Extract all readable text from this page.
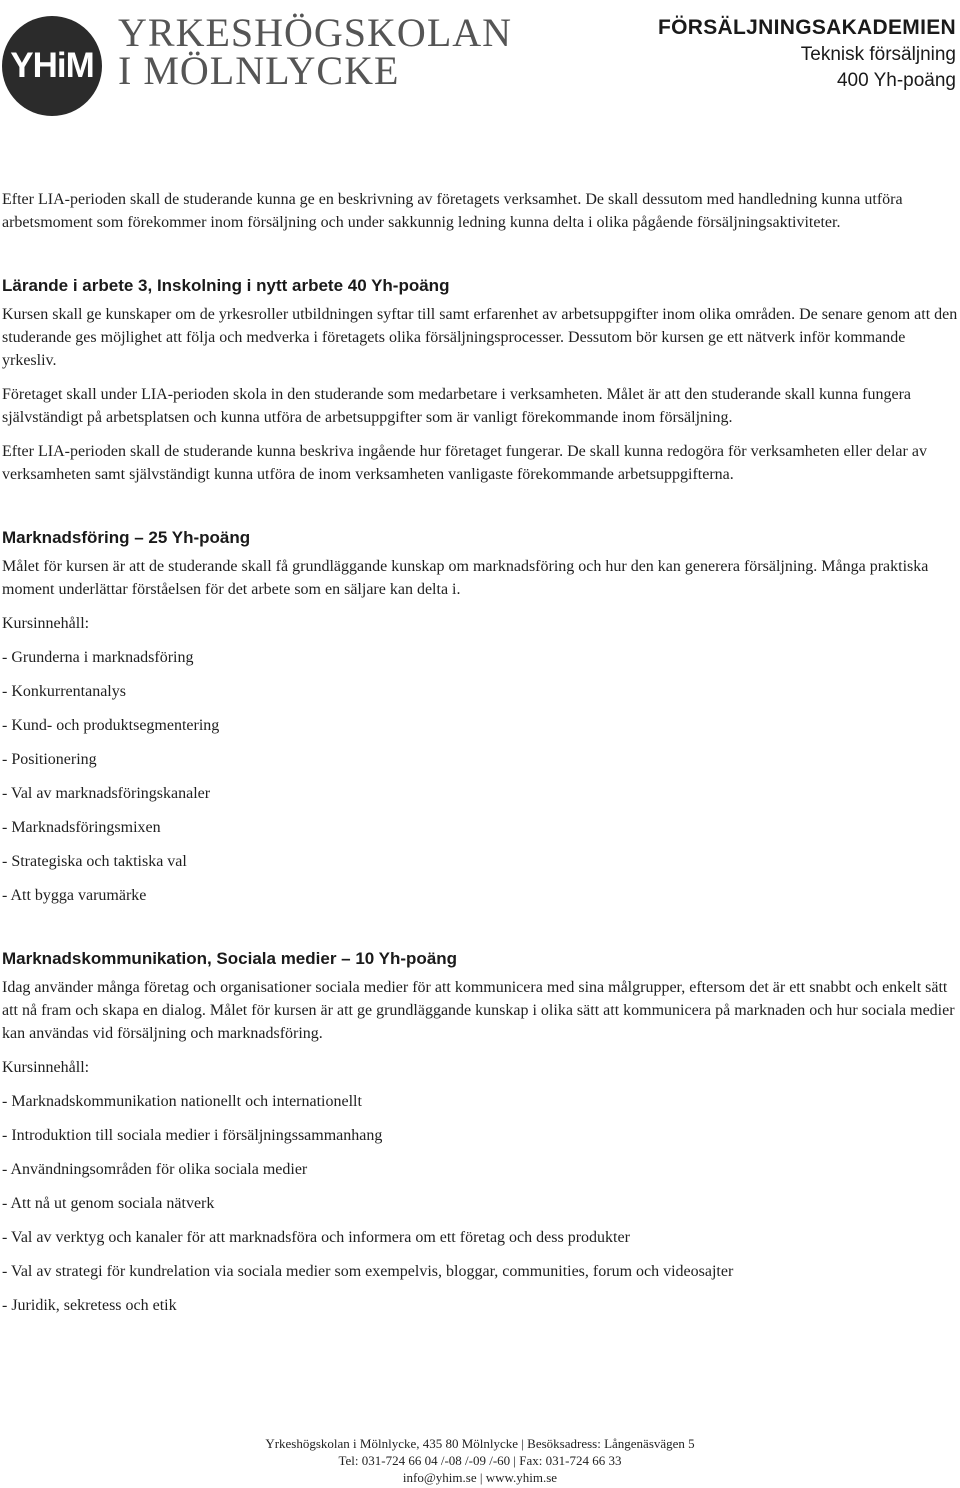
YHiM
YRKESHÖGSKOLAN
I MÖLNLYCKE
FÖRSÄLJNINGSAKADEMIEN
Teknisk försäljning
400 Yh-poäng

Efter LIA-perioden skall de studerande kunna ge en beskrivning av företagets verksamhet. De skall dessutom med handledning kunna utföra arbetsmoment som förekommer inom försäljning och under sakkunnig ledning kunna delta i olika pågående försäljningsaktiviteter.

Lärande i arbete 3, Inskolning i nytt arbete 40 Yh-poäng

Kursen skall ge kunskaper om de yrkesroller utbildningen syftar till samt erfarenhet av arbetsuppgifter inom olika områden. De senare genom att den studerande ges möjlighet att följa och medverka i företagets olika försäljningsprocesser. Dessutom bör kursen ge ett nätverk inför kommande yrkesliv.

Företaget skall under LIA-perioden skola in den studerande som medarbetare i verksamheten. Målet är att den studerande skall kunna fungera självständigt på arbetsplatsen och kunna utföra de arbetsuppgifter som är vanligt förekommande inom försäljning.

Efter LIA-perioden skall de studerande kunna beskriva ingående hur företaget fungerar. De skall kunna redogöra för verksamheten eller delar av verksamheten samt självständigt kunna utföra de inom verksamheten vanligaste förekommande arbetsuppgifterna.

Marknadsföring – 25 Yh-poäng

Målet för kursen är att de studerande skall få grundläggande kunskap om marknadsföring och hur den kan generera försäljning. Många praktiska moment underlättar förståelsen för det arbete som en säljare kan delta i.

Kursinnehåll:

- Grunderna i marknadsföring
- Konkurrentanalys
- Kund- och produktsegmentering
- Positionering
- Val av marknadsföringskanaler
- Marknadsföringsmixen
- Strategiska och taktiska val
- Att bygga varumärke
Marknadskommunikation, Sociala medier – 10 Yh-poäng

Idag använder många företag och organisationer sociala medier för att kommunicera med sina målgrupper, eftersom det är ett snabbt och enkelt sätt att nå fram och skapa en dialog. Målet för kursen är att ge grundläggande kunskap i olika sätt att kommunicera på marknaden och hur sociala medier kan användas vid försäljning och marknadsföring.

Kursinnehåll:

- Marknadskommunikation nationellt och internationellt
- Introduktion till sociala medier i försäljningssammanhang
- Användningsområden för olika sociala medier
- Att nå ut genom sociala nätverk
- Val av verktyg och kanaler för att marknadsföra och informera om ett företag och dess produkter
- Val av strategi för kundrelation via sociala medier som exempelvis, bloggar, communities, forum och videosajter
- Juridik, sekretess och etik
Yrkeshögskolan i Mölnlycke, 435 80 Mölnlycke | Besöksadress: Långenäsvägen 5
Tel: 031-724 66 04 /-08 /-09 /-60 | Fax: 031-724 66 33
info@yhim.se | www.yhim.se
